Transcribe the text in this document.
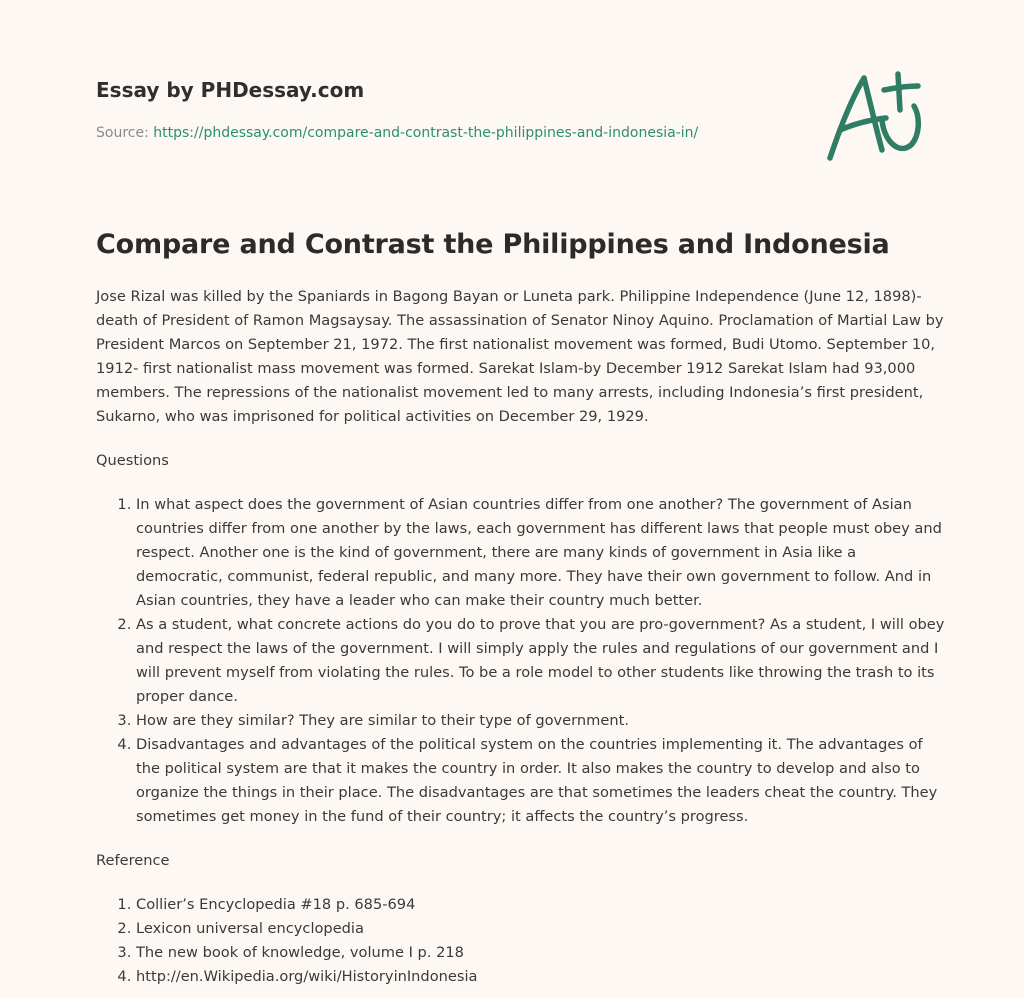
Essay by PHDessay.com
Source: https://phdessay.com/compare-and-contrast-the-philippines-and-indonesia-in/
Compare and Contrast the Philippines and Indonesia

Jose Rizal was killed by the Spaniards in Bagong Bayan or Luneta park. Philippine Independence (June 12, 1898)- death of President of Ramon Magsaysay. The assassination of Senator Ninoy Aquino. Proclamation of Martial Law by President Marcos on September 21, 1972. The first nationalist movement was formed, Budi Utomo. September 10, 1912- first nationalist mass movement was formed. Sarekat Islam-by December 1912 Sarekat Islam had 93,000 members. The repressions of the nationalist movement led to many arrests, including Indonesia’s first president, Sukarno, who was imprisoned for political activities on December 29, 1929.

Questions

1. In what aspect does the government of Asian countries differ from one another? The government of Asian countries differ from one another by the laws, each government has different laws that people must obey and respect. Another one is the kind of government, there are many kinds of government in Asia like a democratic, communist, federal republic, and many more. They have their own government to follow. And in Asian countries, they have a leader who can make their country much better.
2. As a student, what concrete actions do you do to prove that you are pro-government? As a student, I will obey and respect the laws of the government. I will simply apply the rules and regulations of our government and I will prevent myself from violating the rules. To be a role model to other students like throwing the trash to its proper dance.
3. How are they similar? They are similar to their type of government.
4. Disadvantages and advantages of the political system on the countries implementing it. The advantages of the political system are that it makes the country in order. It also makes the country to develop and also to organize the things in their place. The disadvantages are that sometimes the leaders cheat the country. They sometimes get money in the fund of their country; it affects the country’s progress.

Reference

1. Collier’s Encyclopedia #18 p. 685-694
2. Lexicon universal encyclopedia
3. The new book of knowledge, volume I p. 218
4. http://en.Wikipedia.org/wiki/HistoryinIndonesia
